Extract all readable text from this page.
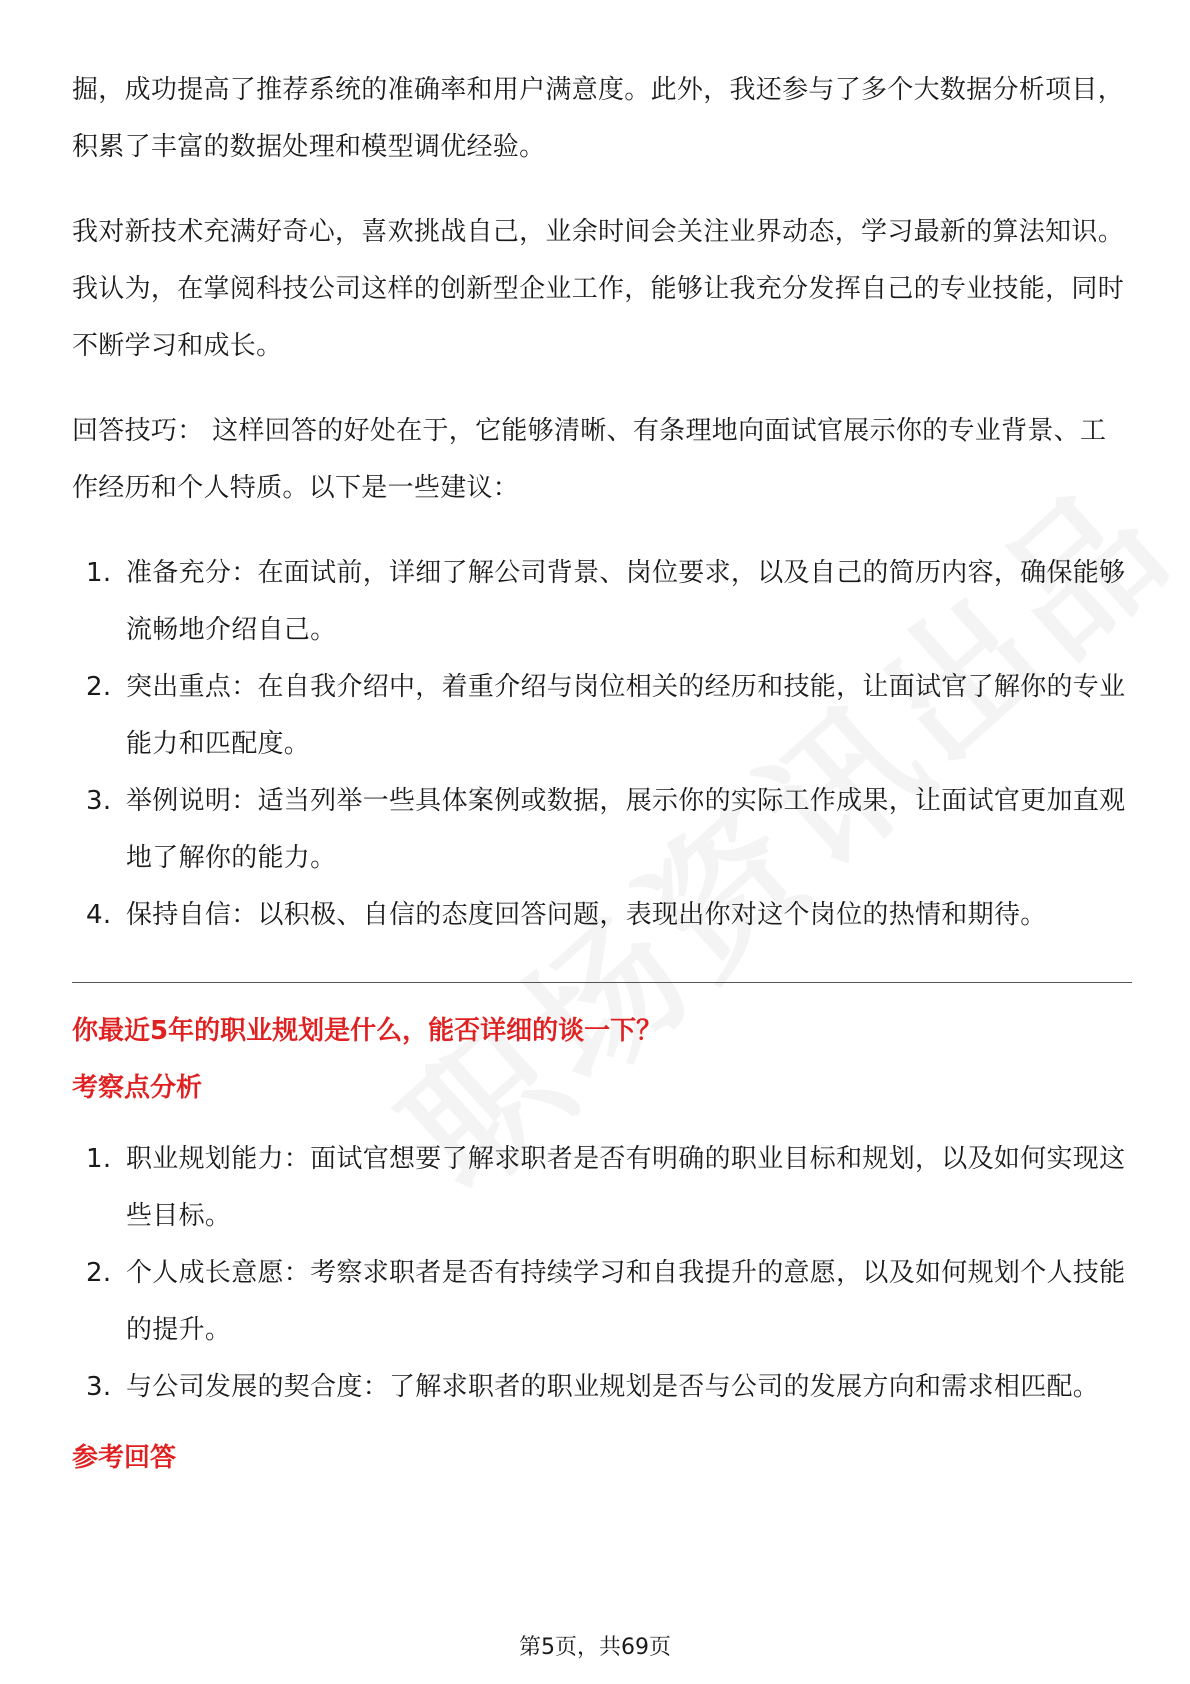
掘，成功提高了推荐系统的准确率和用户满意度。此外，我还参与了多个大数据分析项目，积累了丰富的数据处理和模型调优经验。

我对新技术充满好奇心，喜欢挑战自己，业余时间会关注业界动态，学习最新的算法知识。我认为，在掌阅科技公司这样的创新型企业工作，能够让我充分发挥自己的专业技能，同时不断学习和成长。

回答技巧： 这样回答的好处在于，它能够清晰、有条理地向面试官展示你的专业背景、工作经历和个人特质。以下是一些建议：

1. 准备充分：在面试前，详细了解公司背景、岗位要求，以及自己的简历内容，确保能够流畅地介绍自己。
2. 突出重点：在自我介绍中，着重介绍与岗位相关的经历和技能，让面试官了解你的专业能力和匹配度。
3. 举例说明：适当列举一些具体案例或数据，展示你的实际工作成果，让面试官更加直观地了解你的能力。
4. 保持自信：以积极、自信的态度回答问题，表现出你对这个岗位的热情和期待。

你最近5年的职业规划是什么，能否详细的谈一下？

考察点分析

1. 职业规划能力：面试官想要了解求职者是否有明确的职业目标和规划，以及如何实现这些目标。
2. 个人成长意愿：考察求职者是否有持续学习和自我提升的意愿，以及如何规划个人技能的提升。
3. 与公司发展的契合度：了解求职者的职业规划是否与公司的发展方向和需求相匹配。

参考回答

第5页，共69页
